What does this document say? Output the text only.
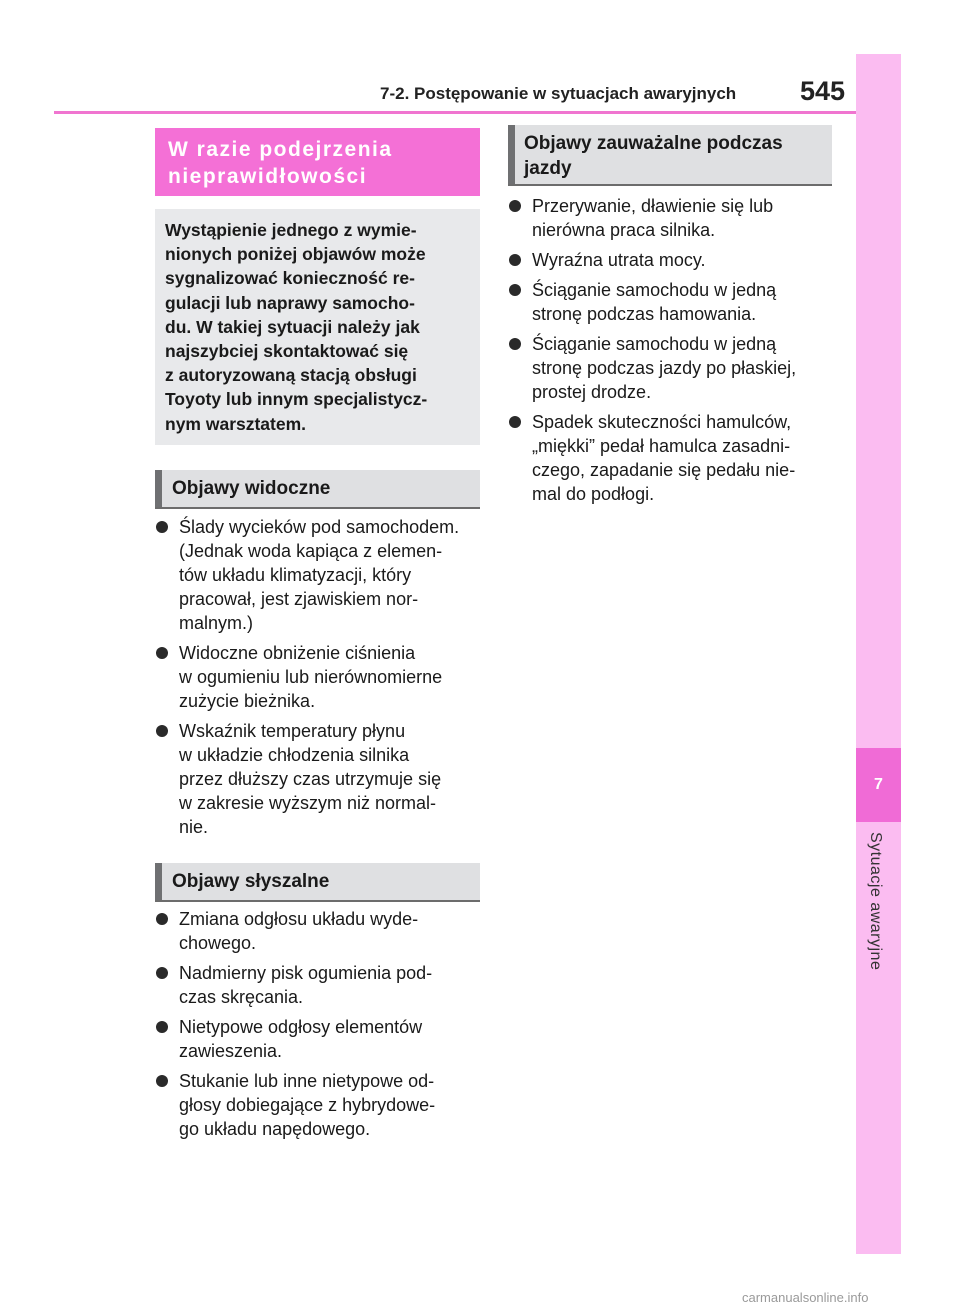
7-2. Postępowanie w sytuacjach awaryjnych 545
7
Sytuacje awaryjne
W razie podejrzenia
nieprawidłowości
Wystąpienie jednego z wymie-
nionych poniżej objawów może
sygnalizować konieczność re-
gulacji lub naprawy samocho-
du. W takiej sytuacji należy jak
najszybciej skontaktować się
z autoryzowaną stacją obsługi
Toyoty lub innym specjalistycz-
nym warsztatem.
Objawy widoczne
Ślady wycieków pod samochodem.
(Jednak woda kapiąca z elemen-
tów układu klimatyzacji, który
pracował, jest zjawiskiem nor-
malnym.)
Widoczne obniżenie ciśnienia
w ogumieniu lub nierównomierne
zużycie bieżnika.
Wskaźnik temperatury płynu
w układzie chłodzenia silnika
przez dłuższy czas utrzymuje się
w zakresie wyższym niż normal-
nie.
Objawy słyszalne
Zmiana odgłosu układu wyde-
chowego.
Nadmierny pisk ogumienia pod-
czas skręcania.
Nietypowe odgłosy elementów
zawieszenia.
Stukanie lub inne nietypowe od-
głosy dobiegające z hybrydowe-
go układu napędowego.
Objawy zauważalne podczas
jazdy
Przerywanie, dławienie się lub
nierówna praca silnika.
Wyraźna utrata mocy.
Ściąganie samochodu w jedną
stronę podczas hamowania.
Ściąganie samochodu w jedną
stronę podczas jazdy po płaskiej,
prostej drodze.
Spadek skuteczności hamulców,
„miękki” pedał hamulca zasadni-
czego, zapadanie się pedału nie-
mal do podłogi.
carmanualsonline.info
